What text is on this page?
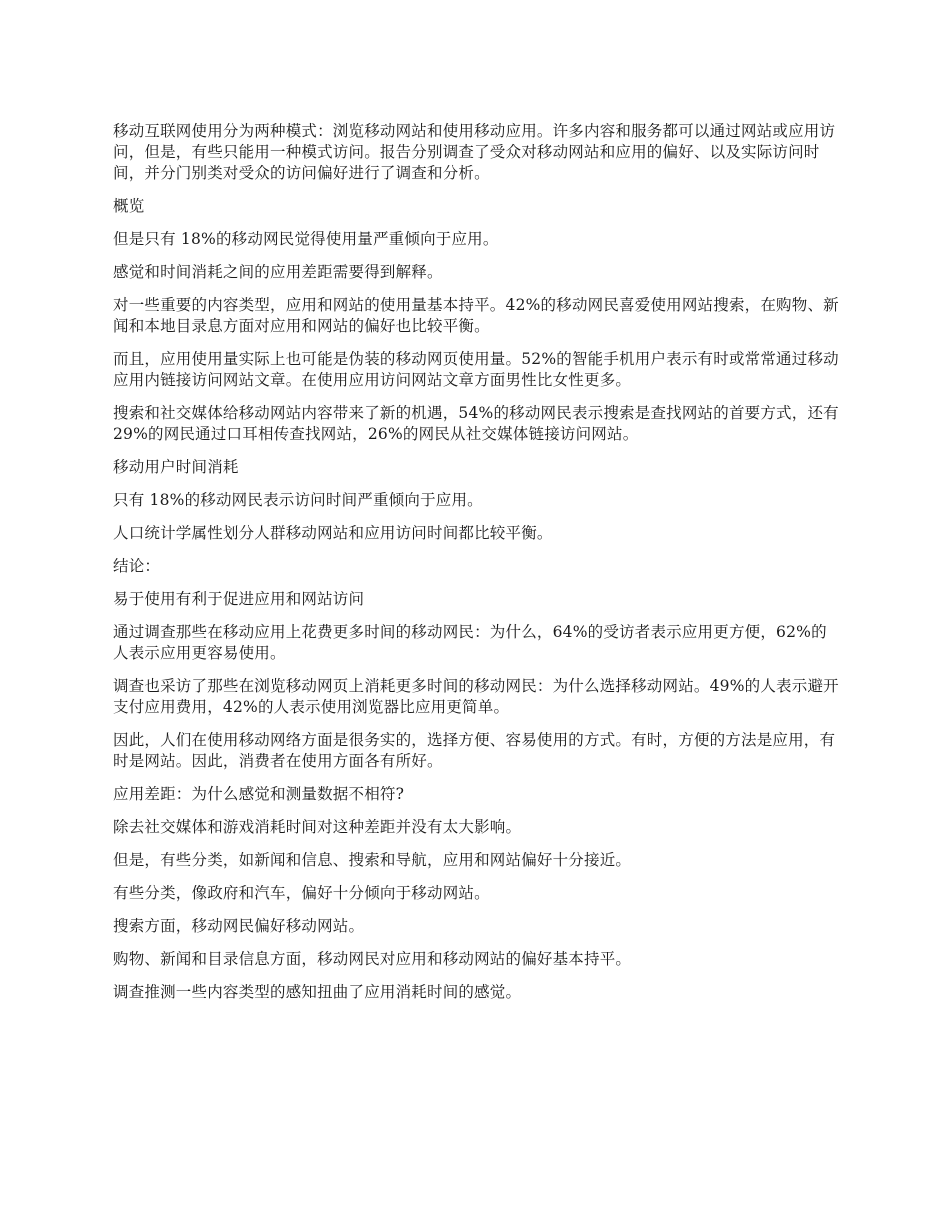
移动互联网使用分为两种模式：浏览移动网站和使用移动应用。许多内容和服务都可以通过网站或应用访问，但是，有些只能用一种模式访问。报告分别调查了受众对移动网站和应用的偏好、以及实际访问时间，并分门别类对受众的访问偏好进行了调查和分析。

概览

但是只有 18%的移动网民觉得使用量严重倾向于应用。

感觉和时间消耗之间的应用差距需要得到解释。

对一些重要的内容类型，应用和网站的使用量基本持平。42%的移动网民喜爱使用网站搜索，在购物、新闻和本地目录息方面对应用和网站的偏好也比较平衡。

而且，应用使用量实际上也可能是伪装的移动网页使用量。52%的智能手机用户表示有时或常常通过移动应用内链接访问网站文章。在使用应用访问网站文章方面男性比女性更多。

搜索和社交媒体给移动网站内容带来了新的机遇，54%的移动网民表示搜索是查找网站的首要方式，还有 29%的网民通过口耳相传查找网站，26%的网民从社交媒体链接访问网站。

移动用户时间消耗

只有 18%的移动网民表示访问时间严重倾向于应用。

人口统计学属性划分人群移动网站和应用访问时间都比较平衡。

结论：

易于使用有利于促进应用和网站访问

通过调查那些在移动应用上花费更多时间的移动网民：为什么，64%的受访者表示应用更方便，62%的人表示应用更容易使用。

调查也采访了那些在浏览移动网页上消耗更多时间的移动网民：为什么选择移动网站。49%的人表示避开支付应用费用，42%的人表示使用浏览器比应用更简单。

因此，人们在使用移动网络方面是很务实的，选择方便、容易使用的方式。有时，方便的方法是应用，有时是网站。因此，消费者在使用方面各有所好。

应用差距：为什么感觉和测量数据不相符?

除去社交媒体和游戏消耗时间对这种差距并没有太大影响。

但是，有些分类，如新闻和信息、搜索和导航，应用和网站偏好十分接近。

有些分类，像政府和汽车，偏好十分倾向于移动网站。

搜索方面，移动网民偏好移动网站。

购物、新闻和目录信息方面，移动网民对应用和移动网站的偏好基本持平。

调查推测一些内容类型的感知扭曲了应用消耗时间的感觉。
